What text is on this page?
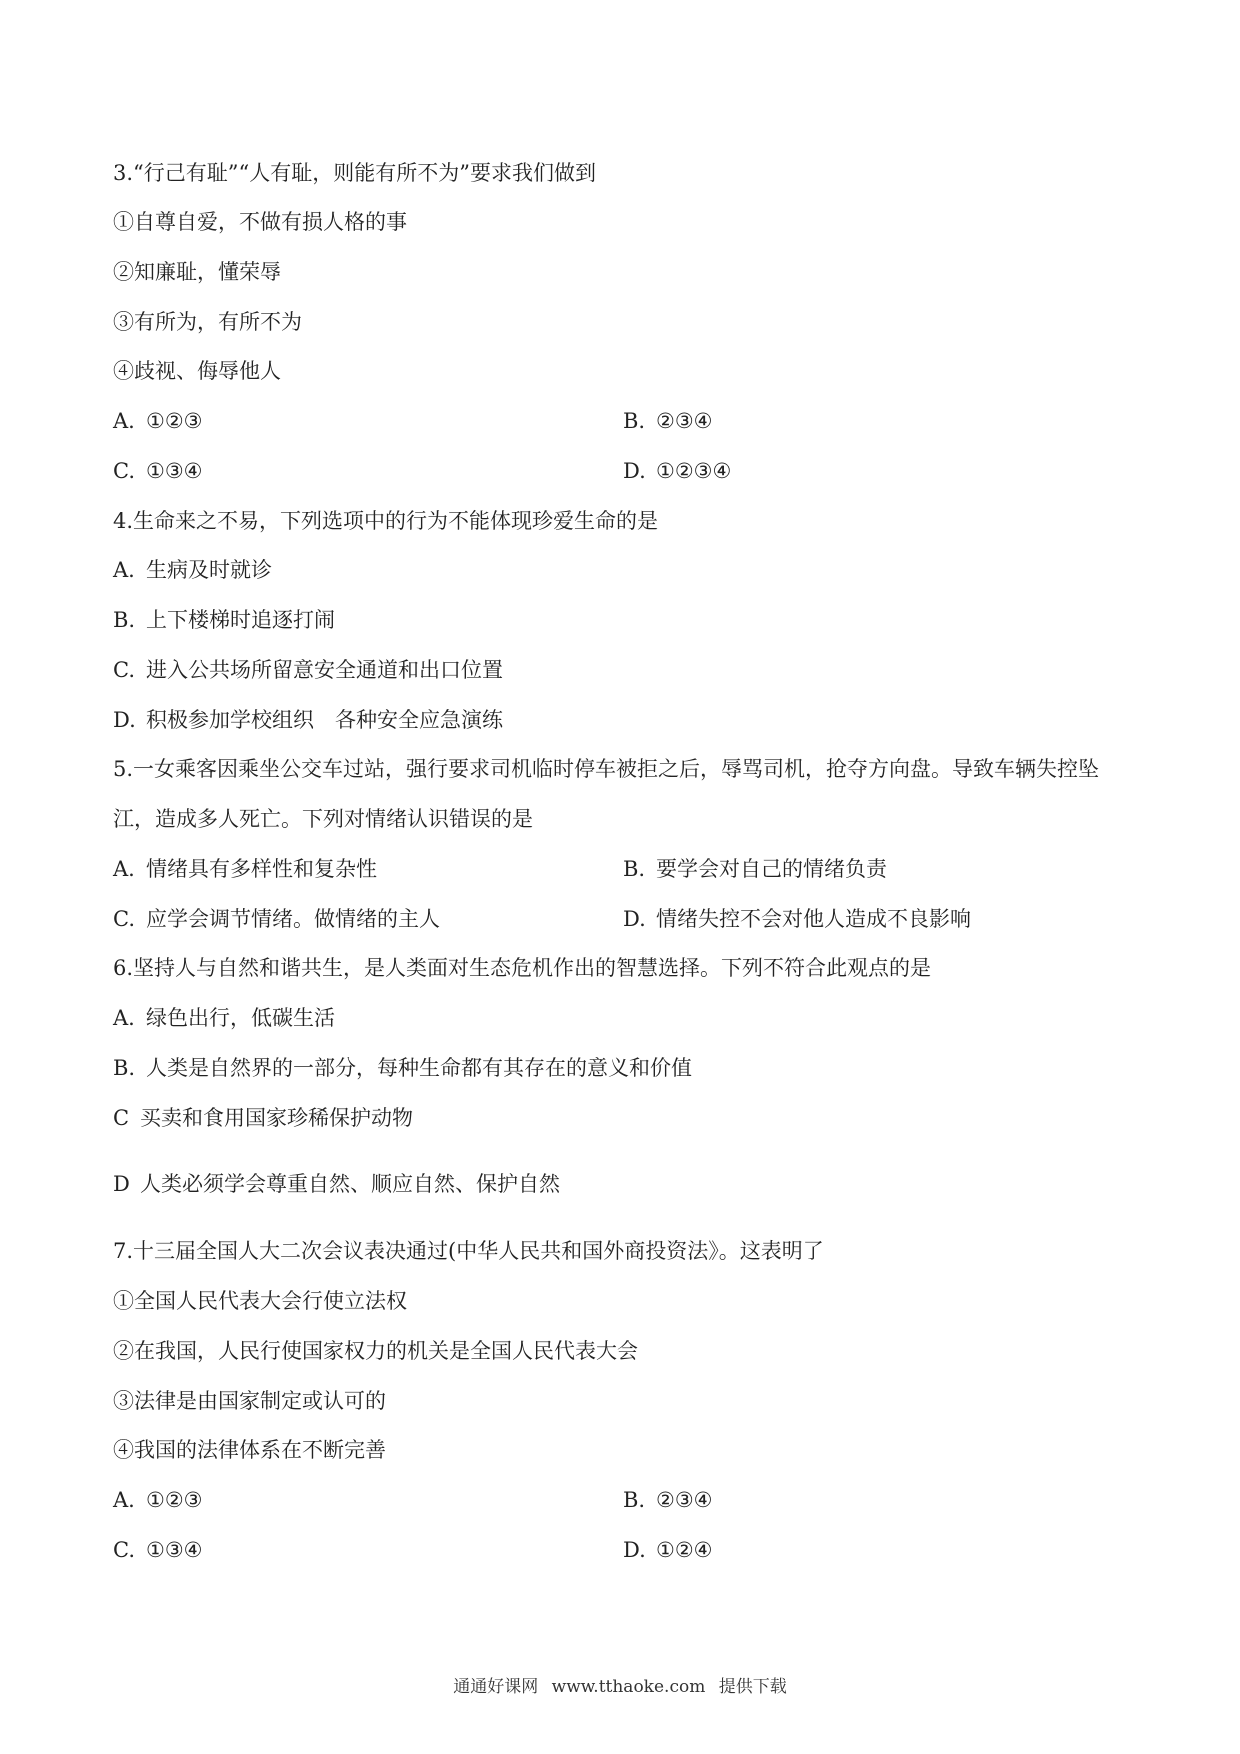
3.“行己有耻”“人有耻，则能有所不为”要求我们做到
①自尊自爱，不做有损人格的事
②知廉耻，懂荣辱
③有所为，有所不为
④歧视、侮辱他人
A. ①②③	B. ②③④
C. ①③④	D. ①②③④
4.生命来之不易，下列选项中的行为不能体现珍爱生命的是
A. 生病及时就诊
B. 上下楼梯时追逐打闹
C. 进入公共场所留意安全通道和出口位置
D. 积极参加学校组织　各种安全应急演练
5.一女乘客因乘坐公交车过站，强行要求司机临时停车被拒之后，辱骂司机，抢夺方向盘。导致车辆失控坠
江，造成多人死亡。下列对情绪认识错误的是
A. 情绪具有多样性和复杂性	B. 要学会对自己的情绪负责
C. 应学会调节情绪。做情绪的主人	D. 情绪失控不会对他人造成不良影响
6.坚持人与自然和谐共生，是人类面对生态危机作出的智慧选择。下列不符合此观点的是
A. 绿色出行，低碳生活
B. 人类是自然界的一部分，每种生命都有其存在的意义和价值
C 买卖和食用国家珍稀保护动物
D 人类必须学会尊重自然、顺应自然、保护自然
7.十三届全国人大二次会议表决通过(中华人民共和国外商投资法》。这表明了
①全国人民代表大会行使立法权
②在我国，人民行使国家权力的机关是全国人民代表大会
③法律是由国家制定或认可的
④我国的法律体系在不断完善
A. ①②③	B. ②③④
C. ①③④	D. ①②④
通通好课网 www.tthaoke.com 提供下载
